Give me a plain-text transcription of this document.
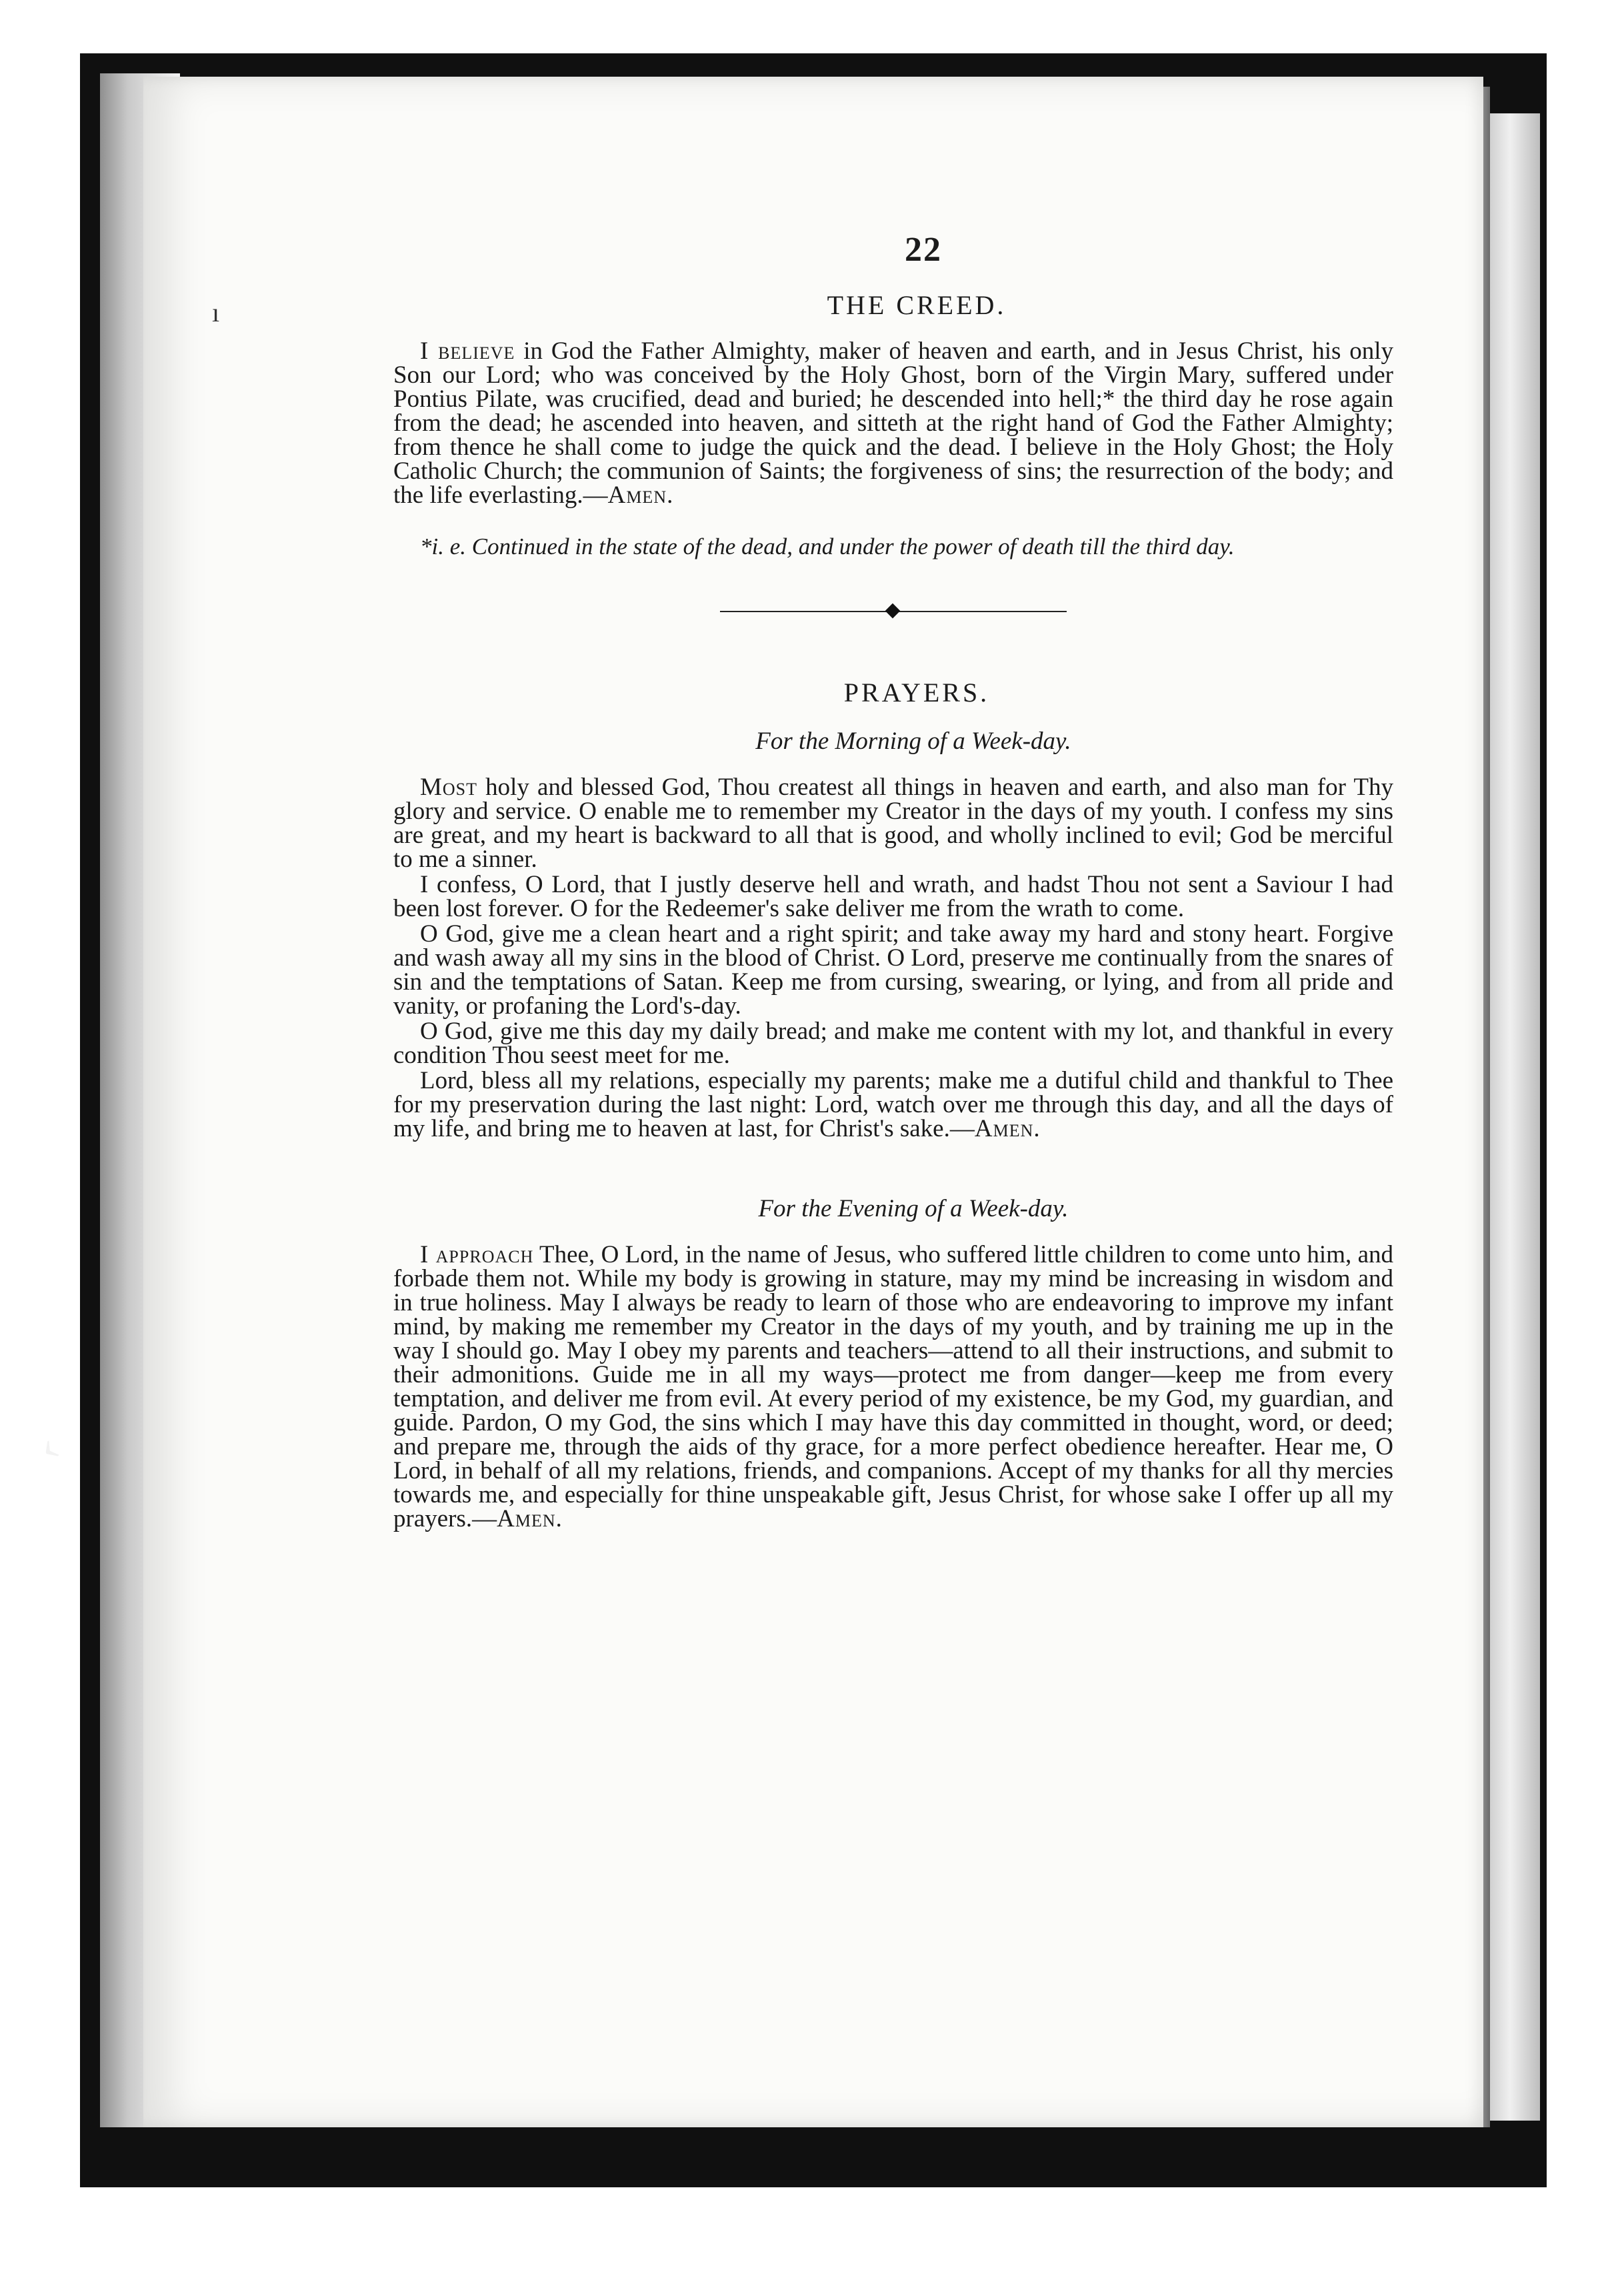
ı
‹
22
THE CREED.

I believe in God the Father Almighty, maker of heaven and earth, and in Jesus Christ, his only Son our Lord; who was conceived by the Holy Ghost, born of the Virgin Mary, suffered under Pontius Pilate, was crucified, dead and buried; he descended into hell;* the third day he rose again from the dead; he ascended into heaven, and sitteth at the right hand of God the Father Almighty; from thence he shall come to judge the quick and the dead. I believe in the Holy Ghost; the Holy Catholic Church; the communion of Saints; the forgiveness of sins; the resurrection of the body; and the life everlasting.—Amen.

*i. e. Continued in the state of the dead, and under the power of death till the third day.

PRAYERS.
For the Morning of a Week-day.

Most holy and blessed God, Thou createst all things in heaven and earth, and also man for Thy glory and service. O enable me to remember my Creator in the days of my youth. I confess my sins are great, and my heart is backward to all that is good, and wholly inclined to evil; God be merciful to me a sinner.

I confess, O Lord, that I justly deserve hell and wrath, and hadst Thou not sent a Saviour I had been lost forever. O for the Redeemer's sake deliver me from the wrath to come.

O God, give me a clean heart and a right spirit; and take away my hard and stony heart. Forgive and wash away all my sins in the blood of Christ. O Lord, preserve me continually from the snares of sin and the temptations of Satan. Keep me from cursing, swearing, or lying, and from all pride and vanity, or profaning the Lord's-day.

O God, give me this day my daily bread; and make me content with my lot, and thankful in every condition Thou seest meet for me.

Lord, bless all my relations, especially my parents; make me a dutiful child and thankful to Thee for my preservation during the last night: Lord, watch over me through this day, and all the days of my life, and bring me to heaven at last, for Christ's sake.—Amen.

For the Evening of a Week-day.

I approach Thee, O Lord, in the name of Jesus, who suffered little children to come unto him, and forbade them not. While my body is growing in stature, may my mind be increasing in wisdom and in true holiness. May I always be ready to learn of those who are endeavoring to improve my infant mind, by making me remember my Creator in the days of my youth, and by training me up in the way I should go. May I obey my parents and teachers—attend to all their instructions, and submit to their admonitions. Guide me in all my ways—protect me from danger—keep me from every temptation, and deliver me from evil. At every period of my existence, be my God, my guardian, and guide. Pardon, O my God, the sins which I may have this day committed in thought, word, or deed; and prepare me, through the aids of thy grace, for a more perfect obedience hereafter. Hear me, O Lord, in behalf of all my relations, friends, and companions. Accept of my thanks for all thy mercies towards me, and especially for thine unspeakable gift, Jesus Christ, for whose sake I offer up all my prayers.—Amen.
